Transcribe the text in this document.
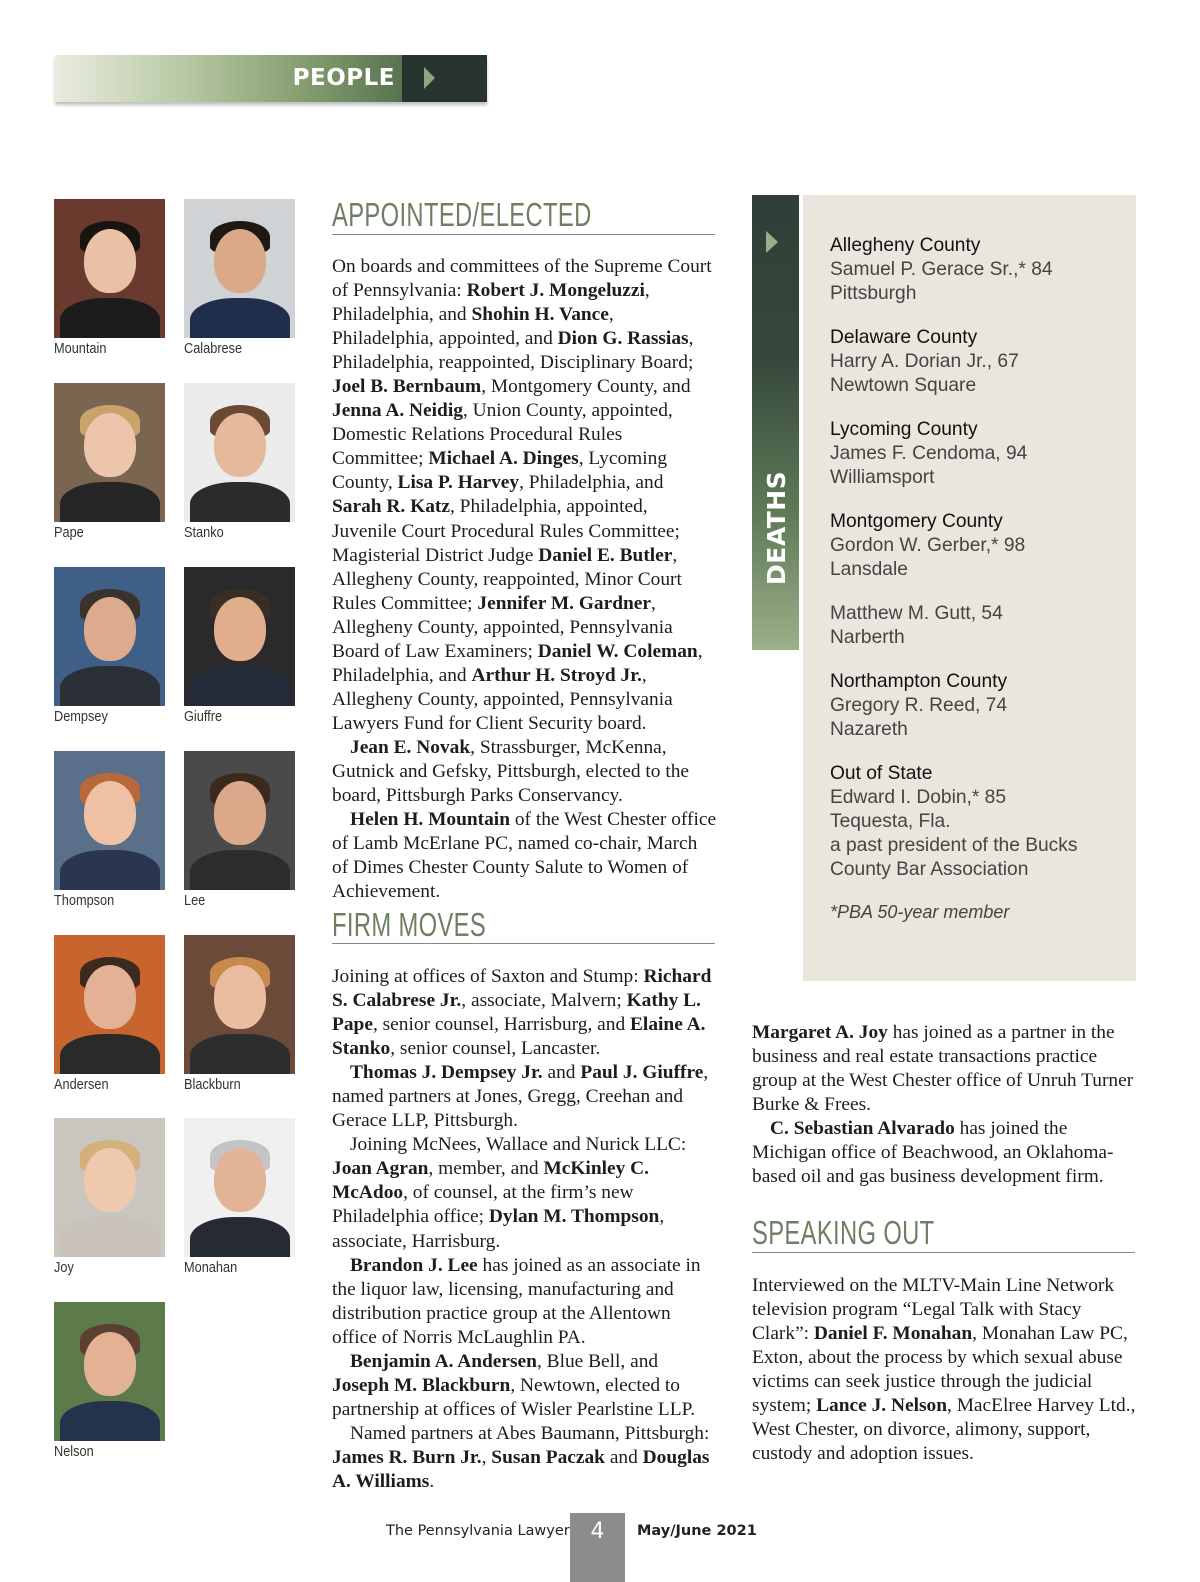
PEOPLE
Mountain	Calabrese
Pape	Stanko
Dempsey	Giuffre
Thompson	Lee
Andersen	Blackburn
Joy	Monahan
Nelson
APPOINTED/ELECTED

On boards and committees of the Supreme Court of Pennsylvania: Robert J. Mongeluzzi, Philadelphia, and Shohin H. Vance, Philadelphia, appointed, and Dion G. Rassias, Philadelphia, reappointed, Disciplinary Board; Joel B. Bernbaum, Montgomery County, and Jenna A. Neidig, Union County, appointed, Domestic Relations Procedural Rules Committee; Michael A. Dinges, Lycoming County, Lisa P. Harvey, Philadelphia, and Sarah R. Katz, Philadelphia, appointed, Juvenile Court Procedural Rules Committee; Magisterial District Judge Daniel E. Butler, Allegheny County, reappointed, Minor Court Rules Committee; Jennifer M. Gardner, Allegheny County, appointed, Pennsylvania Board of Law Examiners; Daniel W. Coleman, Philadelphia, and Arthur H. Stroyd Jr., Allegheny County, appointed, Pennsylvania Lawyers Fund for Client Security board.

Jean E. Novak, Strassburger, McKenna, Gutnick and Gefsky, Pittsburgh, elected to the board, Pittsburgh Parks Conservancy.

Helen H. Mountain of the West Chester office of Lamb McErlane PC, named co-chair, March of Dimes Chester County Salute to Women of Achievement.

FIRM MOVES

Joining at offices of Saxton and Stump: Richard S. Calabrese Jr., associate, Malvern; Kathy L. Pape, senior counsel, Harrisburg, and Elaine A. Stanko, senior counsel, Lancaster.

Thomas J. Dempsey Jr. and Paul J. Giuffre, named partners at Jones, Gregg, Creehan and Gerace LLP, Pittsburgh.

Joining McNees, Wallace and Nurick LLC: Joan Agran, member, and McKinley C. McAdoo, of counsel, at the firm’s new Philadelphia office; Dylan M. Thompson, associate, Harrisburg.

Brandon J. Lee has joined as an associate in the liquor law, licensing, manufacturing and distribution practice group at the Allentown office of Norris McLaughlin PA.

Benjamin A. Andersen, Blue Bell, and Joseph M. Blackburn, Newtown, elected to partnership at offices of Wisler Pearlstine LLP.

Named partners at Abes Baumann, Pittsburgh: James R. Burn Jr., Susan Paczak and Douglas A. Williams.

DEATHS
Allegheny County
Samuel P. Gerace Sr.,* 84
Pittsburgh
Delaware County
Harry A. Dorian Jr., 67
Newtown Square
Lycoming County
James F. Cendoma, 94
Williamsport
Montgomery County
Gordon W. Gerber,* 98
Lansdale
Matthew M. Gutt, 54
Narberth
Northampton County
Gregory R. Reed, 74
Nazareth
Out of State
Edward I. Dobin,* 85
Tequesta, Fla.
a past president of the Bucks County Bar Association
*PBA 50-year member

Margaret A. Joy has joined as a partner in the business and real estate transactions practice group at the West Chester office of Unruh Turner Burke & Frees.

C. Sebastian Alvarado has joined the Michigan office of Beachwood, an Oklahoma-based oil and gas business development firm.

SPEAKING OUT

Interviewed on the MLTV-Main Line Network television program “Legal Talk with Stacy Clark”: Daniel F. Monahan, Monahan Law PC, Exton, about the process by which sexual abuse victims can seek justice through the judicial system; Lance J. Nelson, MacElree Harvey Ltd., West Chester, on divorce, alimony, support, custody and adoption issues.

The Pennsylvania Lawyer 4	May/June 2021
